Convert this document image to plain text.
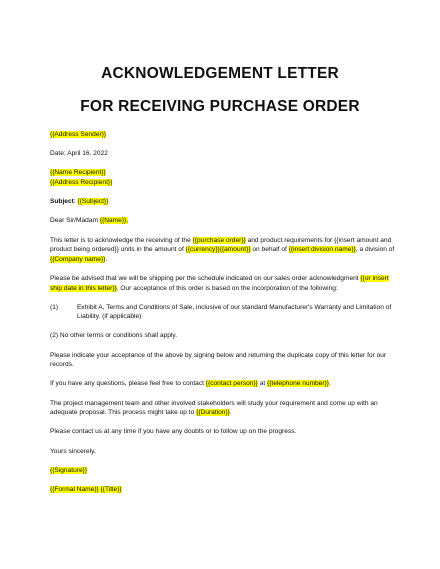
ACKNOWLEDGEMENT LETTER
FOR RECEIVING PURCHASE ORDER

{{Address Sender}}

Date: April 16, 2022

{{Name Recipient}}

{{Address Recipient}}

Subject: {{Subject}}

Dear Sir/Madam {{Name}},

This letter is to acknowledge the receiving of the {{purchase order}} and product requirements for {{insert amount and product being ordered}} units in the amount of {{currency}}{{amount}} on behalf of {{insert division name}}, a division of {{Company name}}.

Please be advised that we will be shipping per the schedule indicated on our sales order acknowledgment {{or insert ship date in this letter}}. Our acceptance of this order is based on the incorporation of the following:

(1)	Exhibit A, Terms and Conditions of Sale, inclusive of our standard Manufacturer's Warranty and Limitation of Liability. (if applicable)

(2) No other terms or conditions shall apply.

Please indicate your acceptance of the above by signing below and returning the duplicate copy of this letter for our records.

If you have any questions, please feel free to contact {{contact person}} at {{telephone number}}.

The project management team and other involved stakeholders will study your requirement and come up with an adequate proposal. This process might take up to {{Duration}}.

Please contact us at any time if you have any doubts or to follow up on the progress.

Yours sincerely,

{{Signature}}

{{Formal Name}} {{Title}}
